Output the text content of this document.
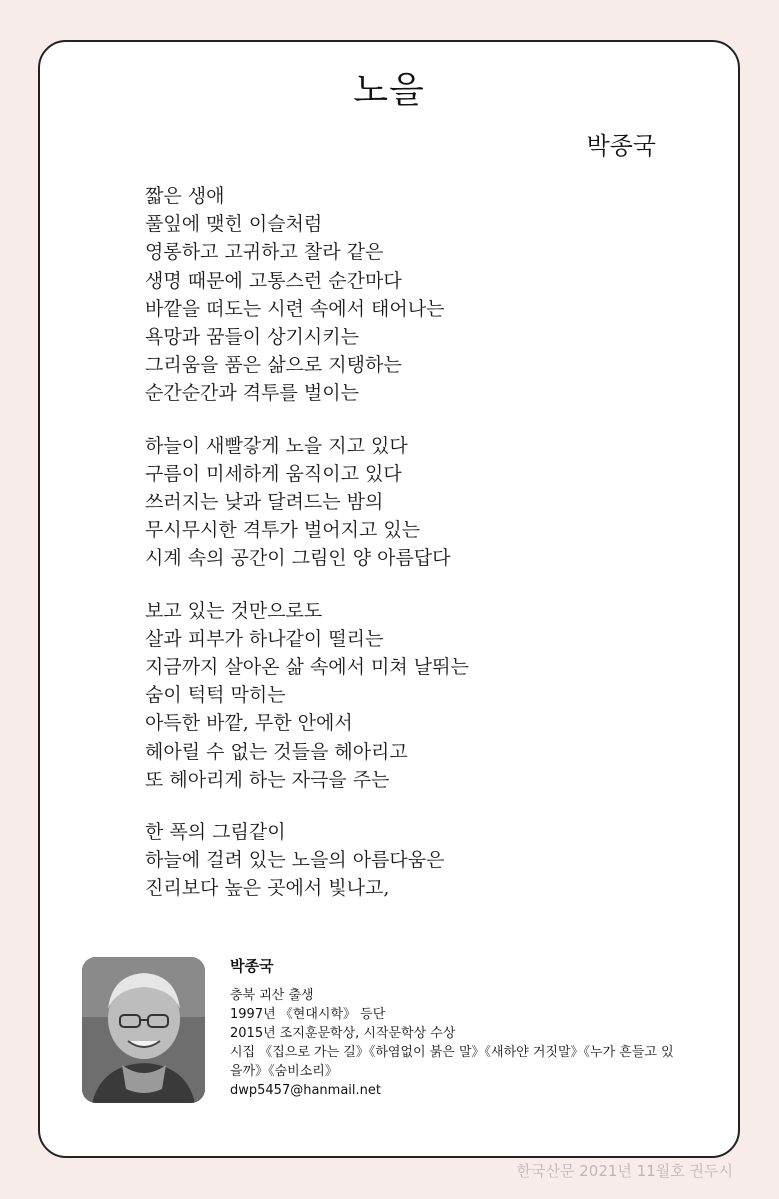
노을
박종국
짧은 생애
풀잎에 맺힌 이슬처럼
영롱하고 고귀하고 찰라 같은
생명 때문에 고통스런 순간마다
바깥을 떠도는 시련 속에서 태어나는
욕망과 꿈들이 상기시키는
그리움을 품은 삶으로 지탱하는
순간순간과 격투를 벌이는
하늘이 새빨갛게 노을 지고 있다
구름이 미세하게 움직이고 있다
쓰러지는 낮과 달려드는 밤의
무시무시한 격투가 벌어지고 있는
시계 속의 공간이 그림인 양 아름답다
보고 있는 것만으로도
살과 피부가 하나같이 떨리는
지금까지 살아온 삶 속에서 미쳐 날뛰는
숨이 턱턱 막히는
아득한 바깥, 무한 안에서
헤아릴 수 없는 것들을 헤아리고
또 헤아리게 하는 자극을 주는
한 폭의 그림같이
하늘에 걸려 있는 노을의 아름다움은
진리보다 높은 곳에서 빛나고,
박종국
충북 괴산 출생
1997년 《현대시학》 등단
2015년 조지훈문학상, 시작문학상 수상
시집 《집으로 가는 길》《하염없이 붉은 말》《새하얀 거짓말》《누가 흔들고 있
을까》《숨비소리》
dwp5457@hanmail.net
한국산문 2021년 11월호 권두시
